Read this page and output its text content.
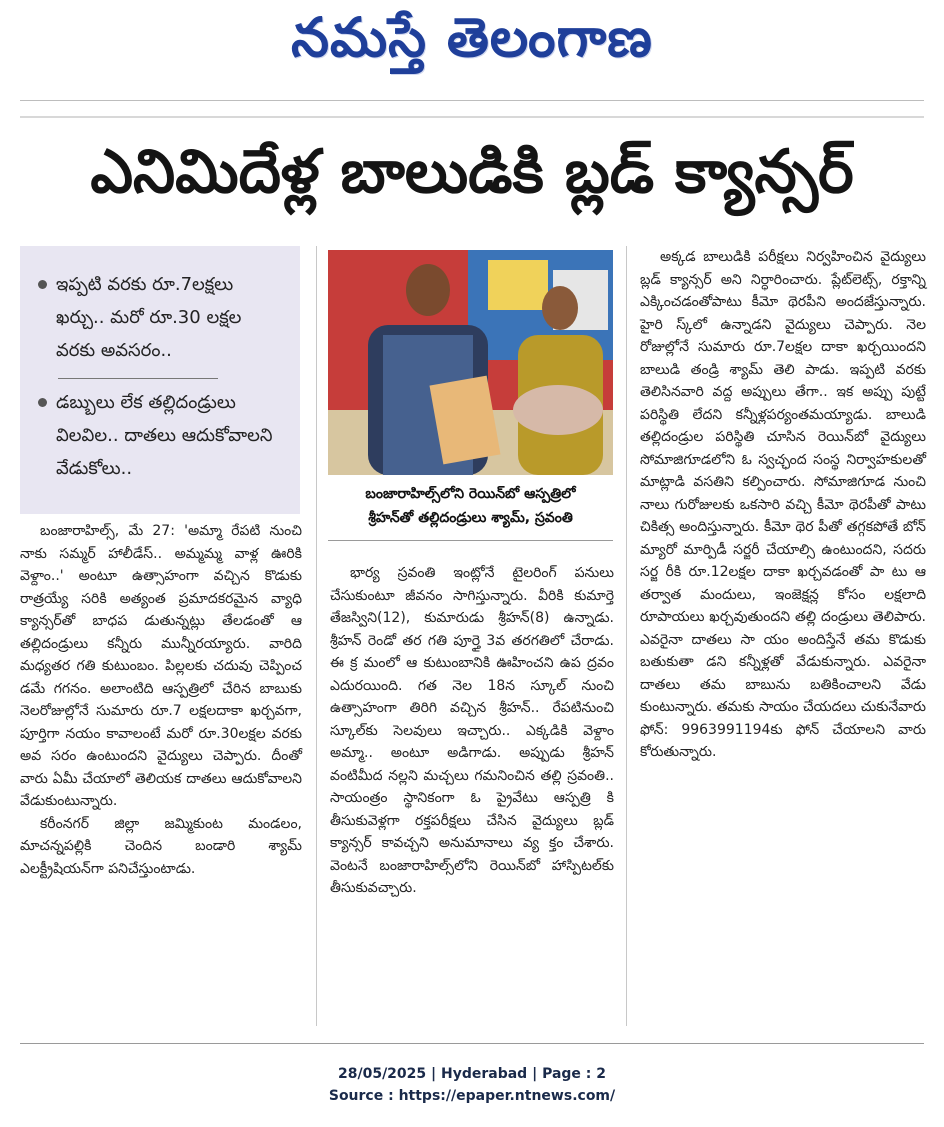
నమస్తే తెలంగాణ
ఎనిమిదేళ్ల బాలుడికి బ్లడ్‌ క్యాన్సర్‌
ఇప్పటి వరకు రూ.7లక్షలు ఖర్చు.. మరో రూ.30 లక్షల వరకు అవసరం..
డబ్బులు లేక తల్లిదండ్రులు విలవిల.. దాతలు ఆదుకోవాలని వేడుకోలు..
బంజారాహిల్స్‌లోని రెయిన్‌బో ఆస్పత్రిలో
శ్రీహన్‌తో తల్లిదండ్రులు శ్యామ్‌, స్రవంతి

బంజారాహిల్స్‌, మే 27: 'అమ్మా రేపటి నుంచి నాకు సమ్మర్‌ హాలీడేస్‌.. అమ్మమ్మ వాళ్ల ఊరికి వెళ్దాం..' అంటూ ఉత్సాహంగా వచ్చిన కొడుకు రాత్రయ్యే సరికి అత్యంత ప్రమాదకరమైన వ్యాధి క్యాన్సర్‌తో బాధప డుతున్నట్లు తేలడంతో ఆ తల్లిదండ్రులు కన్నీరు మున్నీరయ్యారు. వారిది మధ్యతర గతి కుటుంబం. పిల్లలకు చదువు చెప్పించ డమే గగనం. అలాంటిది ఆస్పత్రిలో చేరిన బాబుకు నెలరోజుల్లోనే సుమారు రూ.7 లక్షలదాకా ఖర్చవగా, పూర్తిగా నయం కావాలంటే మరో రూ.30లక్షల వరకు అవ సరం ఉంటుందని వైద్యులు చెప్పారు. దీంతో వారు ఏమీ చేయాలో తెలియక దాతలు ఆదుకోవాలని వేడుకుంటున్నారు.

కరీంనగర్‌ జిల్లా జమ్మికుంట మండలం, మాచన్నపల్లికి చెందిన బండారి శ్యామ్‌ ఎలక్ట్రీషియన్‌గా పనిచేస్తుంటాడు.

భార్య స్రవంతి ఇంట్లోనే టైలరింగ్‌ పనులు చేసుకుంటూ జీవనం సాగిస్తున్నారు. వీరికి కుమార్తె తేజస్విని(12), కుమారుడు శ్రీహన్‌(8) ఉన్నాడు. శ్రీహన్‌ రెండో తర గతి పూర్తై 3వ తరగతిలో చేరాడు. ఈ క్ర మంలో ఆ కుటుంబానికి ఊహించని ఉప ద్రవం ఎదురయింది. గత నెల 18న స్కూల్‌ నుంచి ఉత్సాహంగా తిరిగి వచ్చిన శ్రీహన్‌.. రేపటినుంచి స్కూల్‌కు సెలవులు ఇచ్చారు.. ఎక్కడికి వెళ్దాం అమ్మా.. అంటూ అడిగాడు. అప్పుడు శ్రీహన్‌ వంటిమీద నల్లని మచ్చలు గమనించిన తల్లి స్రవంతి.. సాయంత్రం స్థానికంగా ఓ ప్రైవేటు ఆస్పత్రి కి తీసుకువెళ్లగా రక్తపరీక్షలు చేసిన వైద్యులు బ్లడ్‌ క్యాన్సర్‌ కావచ్చని అనుమానాలు వ్య క్తం చేశారు. వెంటనే బంజారాహిల్స్‌లోని రెయిన్‌బో హాస్పిటల్‌కు తీసుకువచ్చారు.

అక్కడ బాలుడికి పరీక్షలు నిర్వహించిన వైద్యులు బ్లడ్‌ క్యాన్సర్‌ అని నిర్ధారించారు. ప్లేట్‌లెట్స్‌, రక్తాన్ని ఎక్కించడంతోపాటు కీమో థెరపీని అందజేస్తున్నారు. హైరి స్క్‌లో ఉన్నాడని వైద్యులు చెప్పారు. నెల రోజుల్లోనే సుమారు రూ.7లక్షల దాకా ఖర్చయిందని బాలుడి తండ్రి శ్యామ్‌ తెలి పాడు. ఇప్పటి వరకు తెలిసినవారి వద్ద అప్పులు తేగా.. ఇక అప్పు పుట్టే పరిస్థితి లేదని కన్నీళ్లపర్యంతమయ్యాడు. బాలుడి తల్లిదండ్రుల పరిస్థితి చూసిన రెయిన్‌బో వైద్యులు సోమాజిగూడలోని ఓ స్వచ్ఛంద సంస్థ నిర్వాహకులతో మాట్లాడి వసతిని కల్పించారు. సోమాజిగూడ నుంచి నాలు గురోజులకు ఒకసారి వచ్చి కీమో థెరపీతో పాటు చికిత్స అందిస్తున్నారు. కీమో థెర పీతో తగ్గకపోతే బోన్‌ మ్యారో మార్పిడీ సర్జరీ చేయాల్సి ఉంటుందని, సదరు సర్జ రీకి రూ.12లక్షల దాకా ఖర్చవడంతో పా టు ఆ తర్వాత మందులు, ఇంజెక్షన్ల కోసం లక్షలాది రూపాయలు ఖర్చవుతుందని తల్లి దండ్రులు తెలిపారు. ఎవరైనా దాతలు సా యం అందిస్తేనే తమ కొడుకు బతుకుతా డని కన్నీళ్లతో వేడుకున్నారు. ఎవరైనా దాతలు తమ బాబును బతికించాలని వేడు కుంటున్నారు. తమకు సాయం చేయదలు చుకునేవారు ఫోన్‌: 9963991194కు ఫోన్‌ చేయాలని వారు కోరుతున్నారు.

28/05/2025 | Hyderabad | Page : 2
Source : https://epaper.ntnews.com/
